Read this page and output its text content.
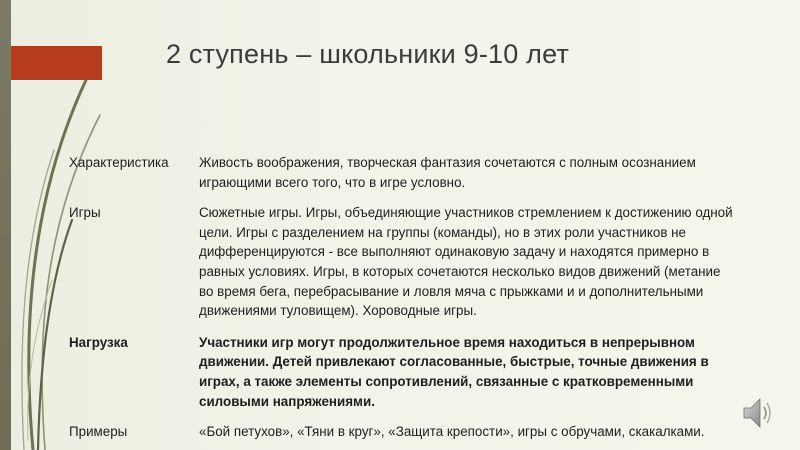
2 ступень – школьники 9-10 лет
Характеристика	Живость воображения, творческая фантазия сочетаются с полным осознанием играющими всего того, что в игре условно.
Игры	Сюжетные игры. Игры, объединяющие участников стремлением к достижению одной цели. Игры с разделением на группы (команды), но в этих роли участников не дифференцируются - все выполняют одинаковую задачу и находятся примерно в равных условиях. Игры, в которых сочетаются несколько видов движений (метание во время бега, перебрасывание и ловля мяча с прыжками и и дополнительными движениями туловищем). Хороводные игры.
Нагрузка	Участники игр могут продолжительное время находиться в непрерывном движении. Детей привлекают согласованные, быстрые, точные движения в играх, а также элементы сопротивлений, связанные с кратковременными силовыми напряжениями.
Примеры	«Бой петухов», «Тяни в круг», «Защита крепости», игры с обручами, скакалками.
